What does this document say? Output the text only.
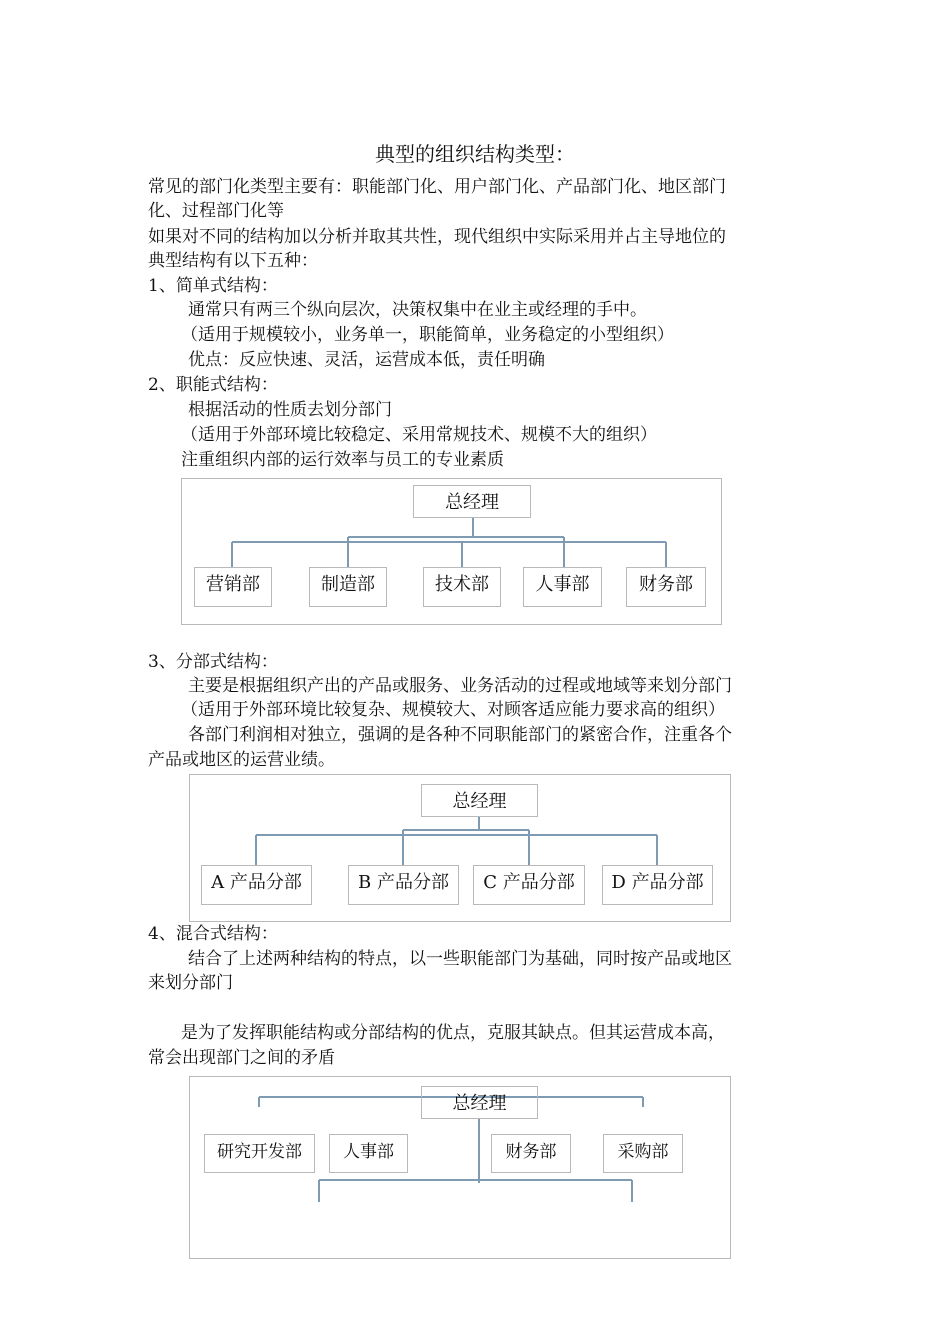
典型的组织结构类型：
常见的部门化类型主要有：职能部门化、用户部门化、产品部门化、地区部门
化、过程部门化等
如果对不同的结构加以分析并取其共性，现代组织中实际采用并占主导地位的
典型结构有以下五种：
1、简单式结构：
通常只有两三个纵向层次，决策权集中在业主或经理的手中。
（适用于规模较小，业务单一，职能简单，业务稳定的小型组织）
优点：反应快速、灵活，运营成本低，责任明确
2、职能式结构：
根据活动的性质去划分部门
（适用于外部环境比较稳定、采用常规技术、规模不大的组织）
注重组织内部的运行效率与员工的专业素质
总经理
营销部	制造部	技术部	人事部	财务部
3、分部式结构：
主要是根据组织产出的产品或服务、业务活动的过程或地域等来划分部门
（适用于外部环境比较复杂、规模较大、对顾客适应能力要求高的组织）
各部门利润相对独立，强调的是各种不同职能部门的紧密合作，注重各个
产品或地区的运营业绩。
总经理
A 产品分部	B 产品分部	C 产品分部	D 产品分部
4、混合式结构：
结合了上述两种结构的特点，以一些职能部门为基础，同时按产品或地区
来划分部门
是为了发挥职能结构或分部结构的优点，克服其缺点。但其运营成本高，
常会出现部门之间的矛盾
总经理
研究开发部	人事部	财务部	采购部
